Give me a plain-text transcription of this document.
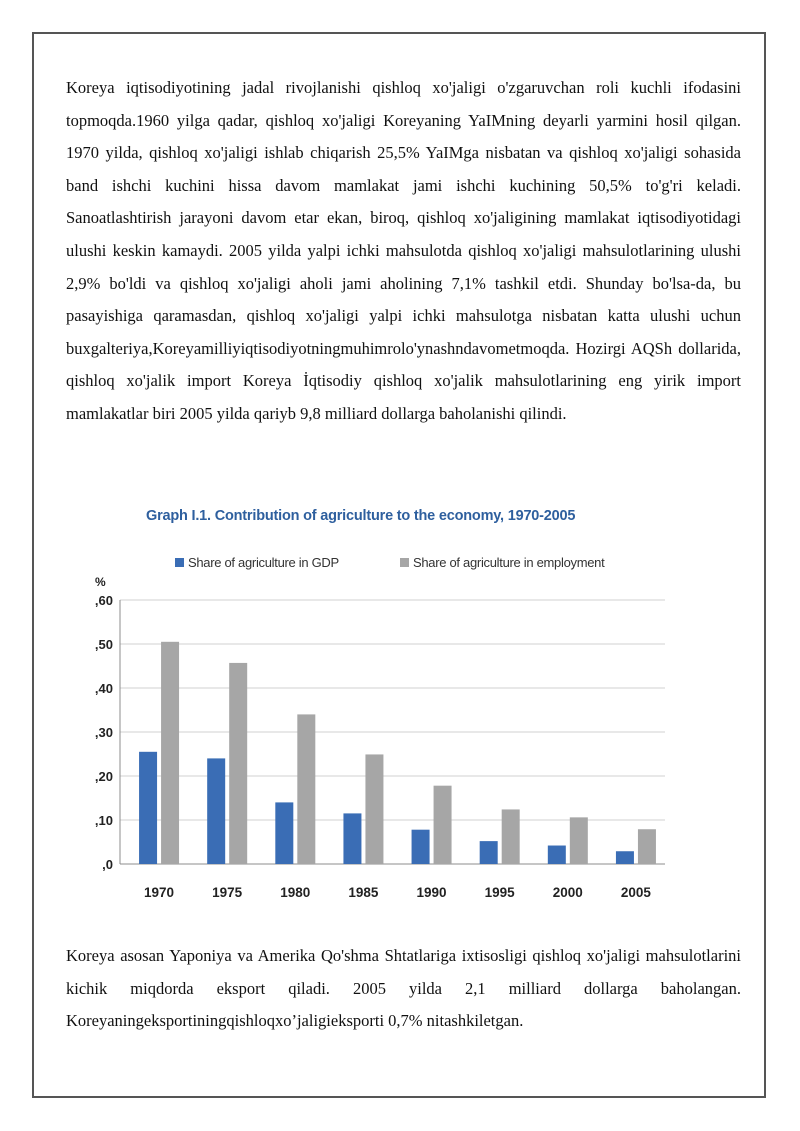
Koreya iqtisodiyotining jadal rivojlanishi qishloq xo'jaligi o'zgaruvchan roli kuchli ifodasini topmoqda.1960 yilga qadar, qishloq xo'jaligi Koreyaning YaIMning deyarli yarmini hosil qilgan. 1970 yilda, qishloq xo'jaligi ishlab chiqarish 25,5% YaIMga nisbatan va qishloq xo'jaligi sohasida band ishchi kuchini hissa davom mamlakat jami ishchi kuchining 50,5% to'g'ri keladi. Sanoatlashtirish jarayoni davom etar ekan, biroq, qishloq xo'jaligining mamlakat iqtisodiyotidagi ulushi keskin kamaydi. 2005 yilda yalpi ichki mahsulotda qishloq xo'jaligi mahsulotlarining ulushi 2,9% bo'ldi va qishloq xo'jaligi aholi jami aholining 7,1% tashkil etdi. Shunday bo'lsa-da, bu pasayishiga qaramasdan, qishloq xo'jaligi yalpi ichki mahsulotga nisbatan katta ulushi uchun buxgalteriya,Koreyamilliyiqtisodiyotningmuhimrolo'ynashndavometmoqda. Hozirgi AQSh dollarida, qishloq xo'jalik import Koreya İqtisodiy qishloq xo'jalik mahsulotlarining eng yirik import mamlakatlar biri 2005 yilda qariyb 9,8 milliard dollarga baholanishi qilindi.

Graph I.1. Contribution of agriculture to the economy, 1970-2005

Share of agriculture in GDP	Share of agriculture in employment
%
,0
,10
,20
,30
,40
,50
,60
1970	1975	1980	1985	1990	1995	2000	2005

Koreya asosan Yaponiya va Amerika Qo'shma Shtatlariga ixtisosligi qishloq xo'jaligi mahsulotlarini kichik miqdorda eksport qiladi. 2005 yilda 2,1 milliard dollarga baholangan. Koreyaningeksportiningqishloqxo’jaligieksporti 0,7% nitashkiletgan.
